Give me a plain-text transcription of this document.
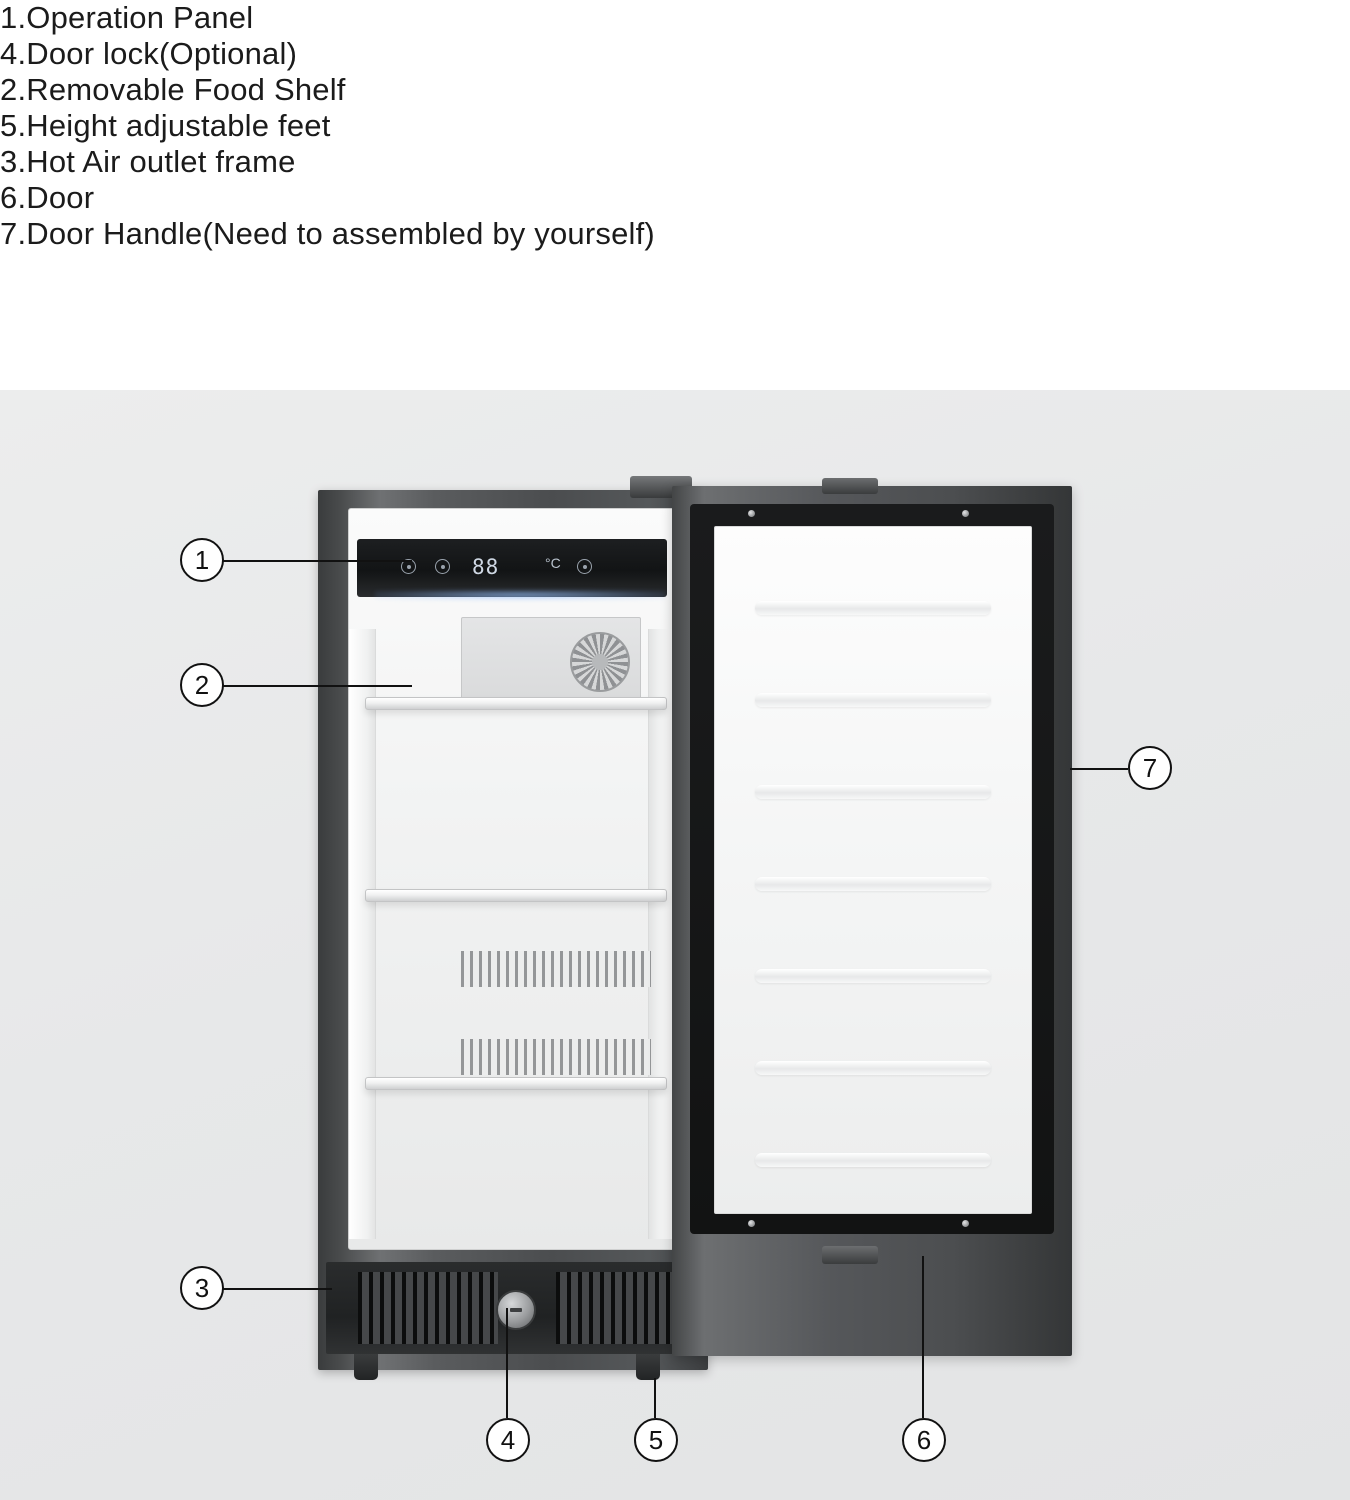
1.Operation Panel
4.Door lock(Optional)
2.Removable Food Shelf
5.Height adjustable feet
3.Hot Air outlet frame
6.Door
7.Door Handle(Need to assembled by yourself)
88	°C
1
2
3
4	5	6
7
